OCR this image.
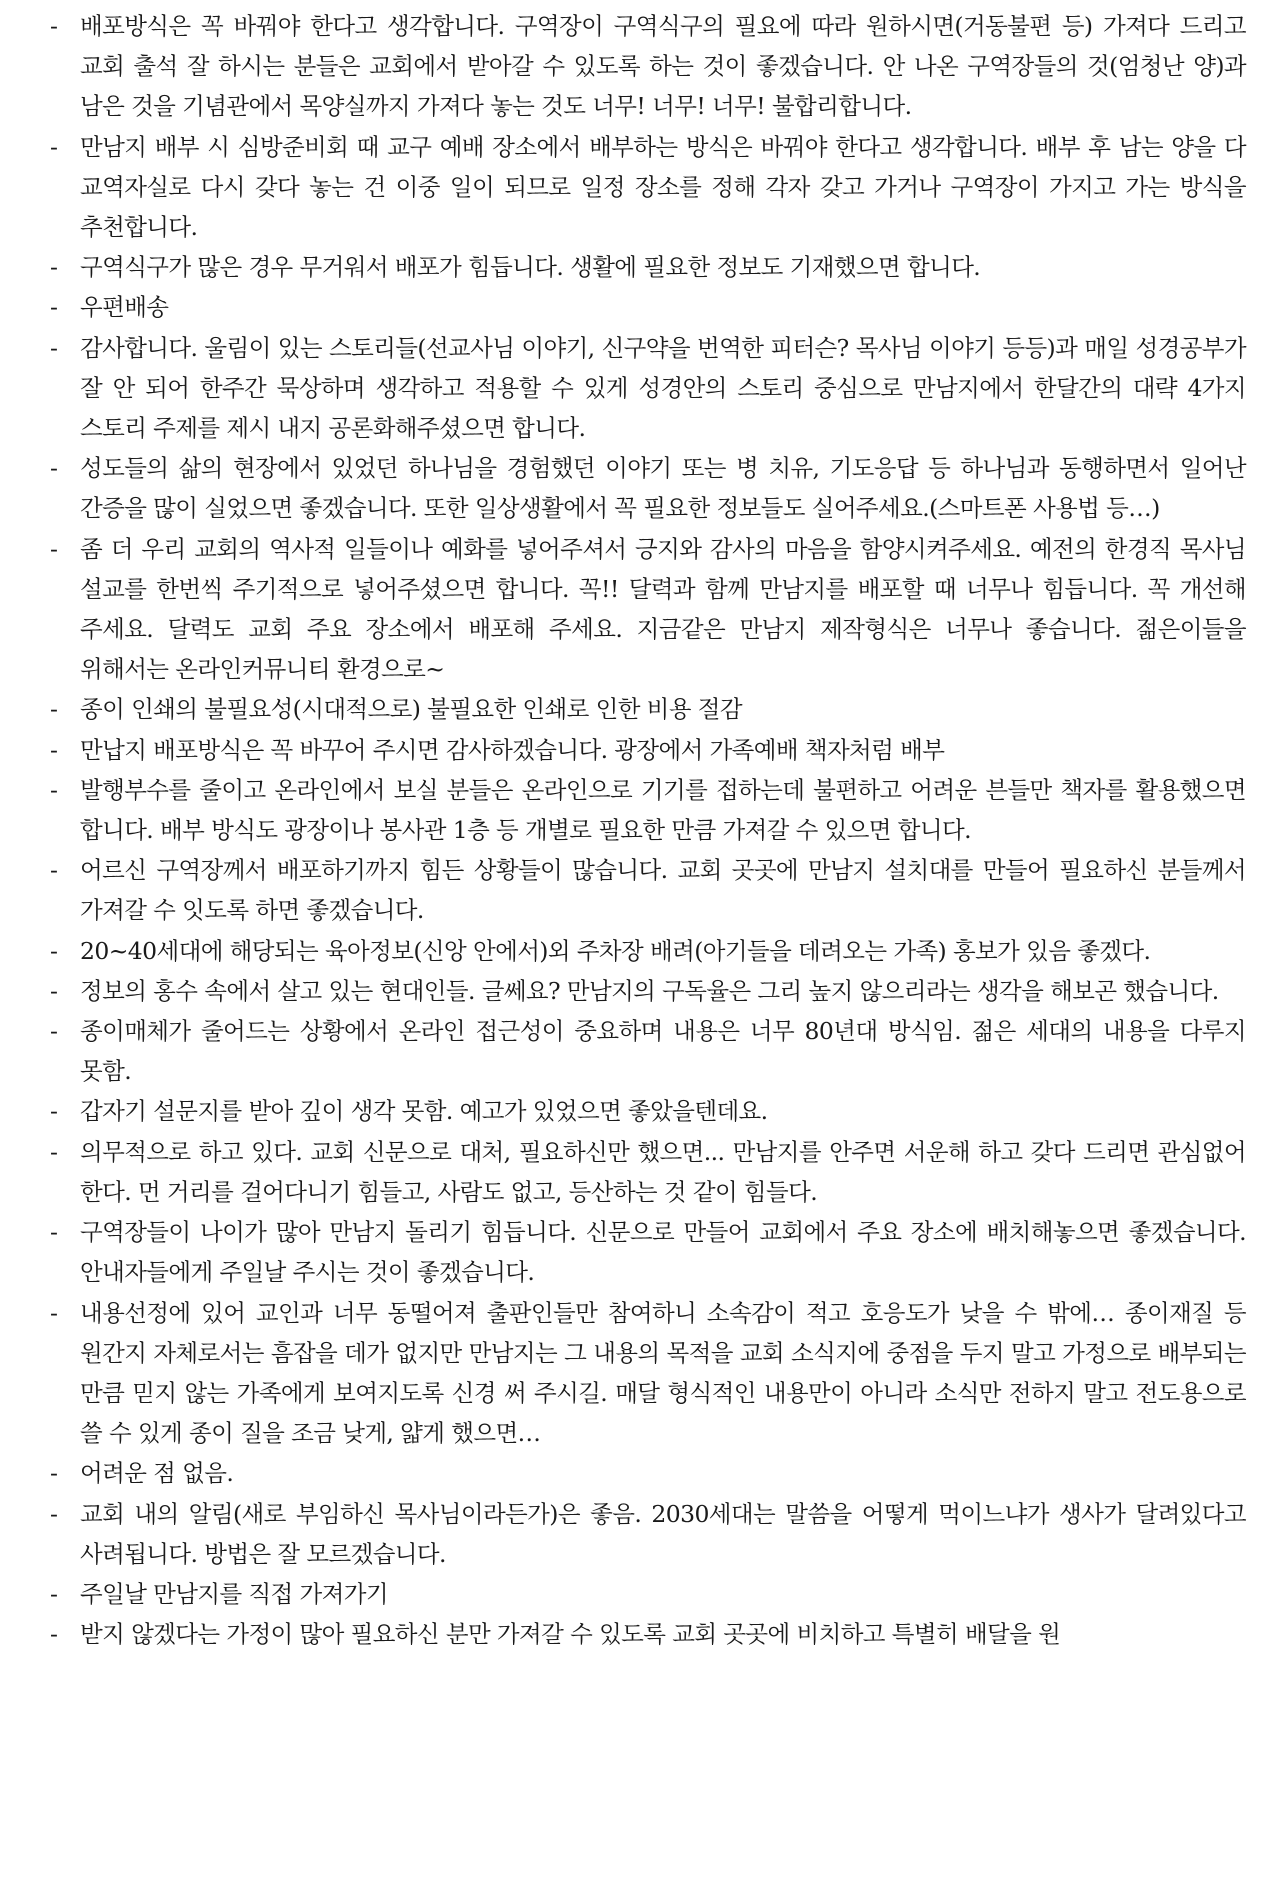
- 배포방식은 꼭 바꿔야 한다고 생각합니다. 구역장이 구역식구의 필요에 따라 원하시면(거동불편 등) 가져다 드리고 교회 출석 잘 하시는 분들은 교회에서 받아갈 수 있도록 하는 것이 좋겠습니다. 안 나온 구역장들의 것(엄청난 양)과 남은 것을 기념관에서 목양실까지 가져다 놓는 것도 너무! 너무! 너무! 불합리합니다.
- 만남지 배부 시 심방준비회 때 교구 예배 장소에서 배부하는 방식은 바꿔야 한다고 생각합니다. 배부 후 남는 양을 다 교역자실로 다시 갖다 놓는 건 이중 일이 되므로 일정 장소를 정해 각자 갖고 가거나 구역장이 가지고 가는 방식을 추천합니다.
- 구역식구가 많은 경우 무거워서 배포가 힘듭니다. 생활에 필요한 정보도 기재했으면 합니다.
- 우편배송
- 감사합니다. 울림이 있는 스토리들(선교사님 이야기, 신구약을 번역한 피터슨? 목사님 이야기 등등)과 매일 성경공부가 잘 안 되어 한주간 묵상하며 생각하고 적용할 수 있게 성경안의 스토리 중심으로 만남지에서 한달간의 대략 4가지 스토리 주제를 제시 내지 공론화해주셨으면 합니다.
- 성도들의 삶의 현장에서 있었던 하나님을 경험했던 이야기 또는 병 치유, 기도응답 등 하나님과 동행하면서 일어난 간증을 많이 실었으면 좋겠습니다. 또한 일상생활에서 꼭 필요한 정보들도 실어주세요.(스마트폰 사용법 등…)
- 좀 더 우리 교회의 역사적 일들이나 예화를 넣어주셔서 긍지와 감사의 마음을 함양시켜주세요. 예전의 한경직 목사님 설교를 한번씩 주기적으로 넣어주셨으면 합니다. 꼭!! 달력과 함께 만남지를 배포할 때 너무나 힘듭니다. 꼭 개선해 주세요. 달력도 교회 주요 장소에서 배포해 주세요. 지금같은 만남지 제작형식은 너무나 좋습니다. 젊은이들을 위해서는 온라인커뮤니티 환경으로~
- 종이 인쇄의 불필요성(시대적으로) 불필요한 인쇄로 인한 비용 절감
- 만납지 배포방식은 꼭 바꾸어 주시면 감사하겠습니다. 광장에서 가족예배 책자처럼 배부
- 발행부수를 줄이고 온라인에서 보실 분들은 온라인으로 기기를 접하는데 불편하고 어려운 븐들만 책자를 활용했으면 합니다. 배부 방식도 광장이나 봉사관 1층 등 개별로 필요한 만큼 가져갈 수 있으면 합니다.
- 어르신 구역장께서 배포하기까지 힘든 상황들이 많습니다. 교회 곳곳에 만남지 설치대를 만들어 필요하신 분들께서 가져갈 수 잇도록 하면 좋겠습니다.
- 20~40세대에 해당되는 육아정보(신앙 안에서)외 주차장 배려(아기들을 데려오는 가족) 홍보가 있음 좋겠다.
- 정보의 홍수 속에서 살고 있는 현대인들. 글쎄요? 만남지의 구독율은 그리 높지 않으리라는 생각을 해보곤 했습니다.
- 종이매체가 줄어드는 상황에서 온라인 접근성이 중요하며 내용은 너무 80년대 방식임. 젊은 세대의 내용을 다루지 못함.
- 갑자기 설문지를 받아 깊이 생각 못함. 예고가 있었으면 좋았을텐데요.
- 의무적으로 하고 있다. 교회 신문으로 대처, 필요하신만 했으면... 만남지를 안주면 서운해 하고 갖다 드리면 관심없어 한다. 먼 거리를 걸어다니기 힘들고, 사람도 없고, 등산하는 것 같이 힘들다.
- 구역장들이 나이가 많아 만남지 돌리기 힘듭니다. 신문으로 만들어 교회에서 주요 장소에 배치해놓으면 좋겠습니다. 안내자들에게 주일날 주시는 것이 좋겠습니다.
- 내용선정에 있어 교인과 너무 동떨어져 출판인들만 참여하니 소속감이 적고 호응도가 낮을 수 밖에… 종이재질 등 원간지 자체로서는 흠잡을 데가 없지만 만남지는 그 내용의 목적을 교회 소식지에 중점을 두지 말고 가정으로 배부되는 만큼 믿지 않는 가족에게 보여지도록 신경 써 주시길. 매달 형식적인 내용만이 아니라 소식만 전하지 말고 전도용으로 쓸 수 있게 종이 질을 조금 낮게, 얇게 했으면…
- 어려운 점 없음.
- 교회 내의 알림(새로 부임하신 목사님이라든가)은 좋음. 2030세대는 말씀을 어떻게 먹이느냐가 생사가 달려있다고 사려됩니다. 방법은 잘 모르겠습니다.
- 주일날 만남지를 직접 가져가기
- 받지 않겠다는 가정이 많아 필요하신 분만 가져갈 수 있도록 교회 곳곳에 비치하고 특별히 배달을 원
